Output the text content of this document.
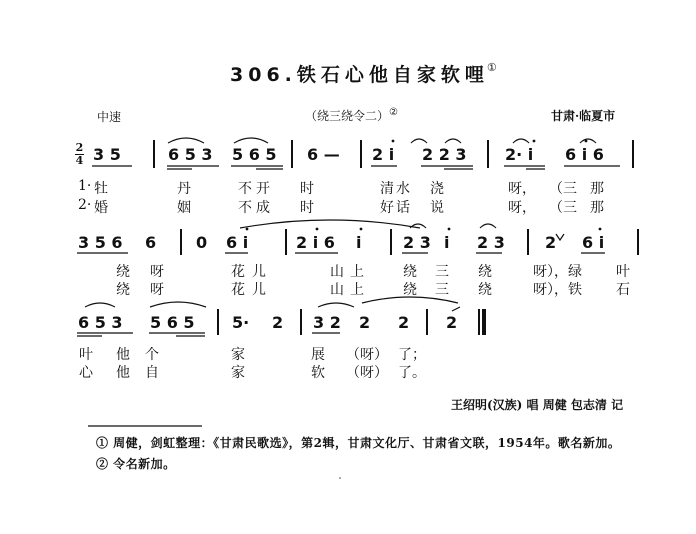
306.铁石心他自家软哩①
中速	（绕三绕令二）②	甘肃·临夏市
2
4 3 5	6 5 3 5 6 5 6 — 2 i 2 2 3 2· i 6 i 6
1· 牡	丹	不 开 时	清 水 浇	呀， （三 那
2· 婚	姻	不 成 时	好 话 说	呀， （三 那
3 5 6 6 0 6 i	2 i 6 i	2 3 i 2 3	2 6 i
绕 呀	花 儿	山 上	绕 三 绕	呀），绿 叶
绕 呀	花 儿	山 上	绕 三 绕	呀），铁 石
6 5 3 5 6 5 5· 2 3 2 2 2 2
叶 他 个	家	展 （呀） 了；
心 他 自	家	软 （呀） 了。
王绍明(汉族) 唱 周健 包志清 记
① 周健，剑虹整理：《甘肃民歌选》，第2辑，甘肃文化厅、甘肃省文联，1954年。歌名新加。
② 令名新加。
